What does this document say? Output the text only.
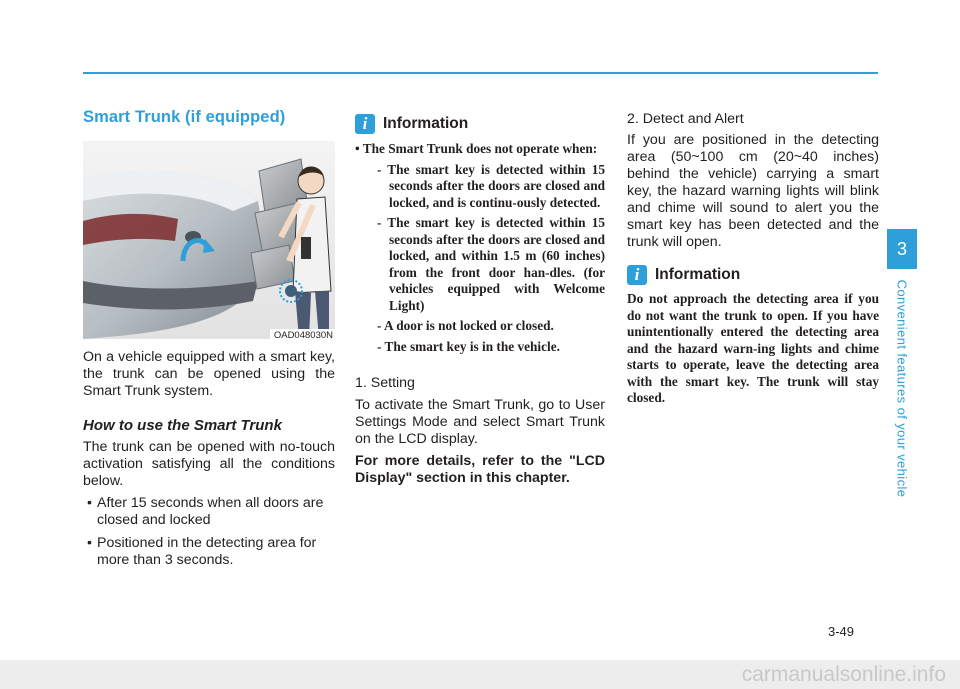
Smart Trunk (if equipped)
OAD048030N

On a vehicle equipped with a smart key, the trunk can be opened using the Smart Trunk system.

How to use the Smart Trunk

The trunk can be opened with no-touch activation satisfying all the conditions below.

• After 15 seconds when all doors are closed and locked
• Positioned in the detecting area for more than 3 seconds.
i	Information
• The Smart Trunk does not operate when:
- The smart key is detected within 15 seconds after the doors are closed and locked, and is continu-ously detected.
- The smart key is detected within 15 seconds after the doors are closed and locked, and within 1.5 m (60 inches) from the front door han-dles. (for vehicles equipped with Welcome Light)
- A door is not locked or closed.
- The smart key is in the vehicle.

1. Setting

To activate the Smart Trunk, go to User Settings Mode and select Smart Trunk on the LCD display.

For more details, refer to the "LCD Display" section in this chapter.

2. Detect and Alert

If you are positioned in the detecting area (50~100 cm (20~40 inches) behind the vehicle) carrying a smart key, the hazard warning lights will blink and chime will sound to alert you the smart key has been detected and the trunk will open.

i	Information
Do not approach the detecting area if you do not want the trunk to open. If you have unintentionally entered the detecting area and the hazard warn-ing lights and chime starts to operate, leave the detecting area with the smart key. The trunk will stay closed.
3
Convenient features of your vehicle
3-49
carmanualsonline.info
